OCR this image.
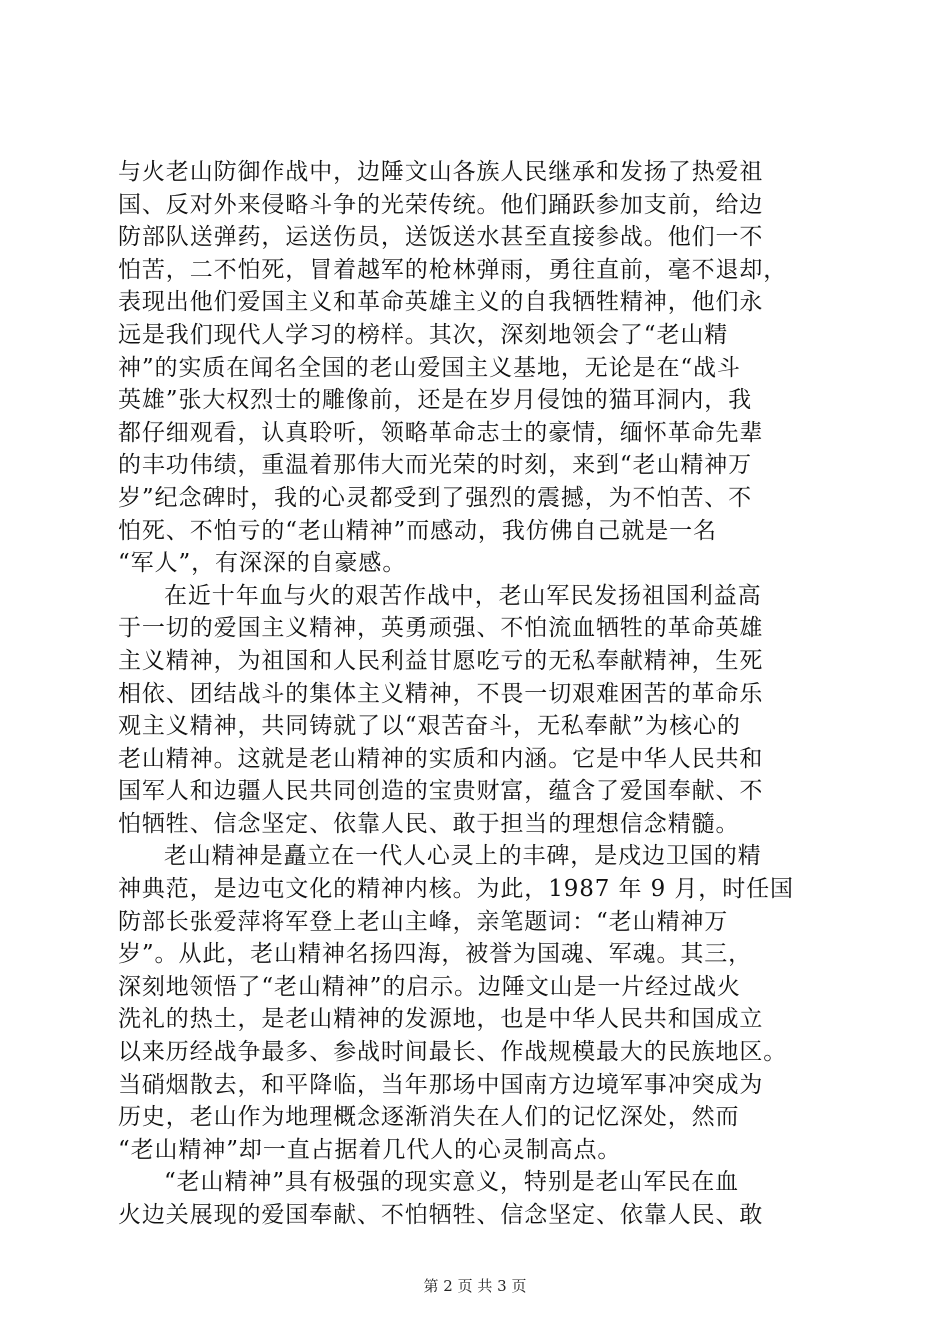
与火老山防御作战中，边陲文山各族人民继承和发扬了热爱祖
国、反对外来侵略斗争的光荣传统。他们踊跃参加支前，给边
防部队送弹药，运送伤员，送饭送水甚至直接参战。他们一不
怕苦，二不怕死，冒着越军的枪林弹雨，勇往直前，毫不退却，
表现出他们爱国主义和革命英雄主义的自我牺牲精神，他们永
远是我们现代人学习的榜样。其次，深刻地领会了“老山精
神”的实质在闻名全国的老山爱国主义基地，无论是在“战斗
英雄”张大权烈士的雕像前，还是在岁月侵蚀的猫耳洞内，我
都仔细观看，认真聆听，领略革命志士的豪情，缅怀革命先辈
的丰功伟绩，重温着那伟大而光荣的时刻，来到“老山精神万
岁”纪念碑时，我的心灵都受到了强烈的震撼，为不怕苦、不
怕死、不怕亏的“老山精神”而感动，我仿佛自己就是一名
“军人”，有深深的自豪感。
在近十年血与火的艰苦作战中，老山军民发扬祖国利益高
于一切的爱国主义精神，英勇顽强、不怕流血牺牲的革命英雄
主义精神，为祖国和人民利益甘愿吃亏的无私奉献精神，生死
相依、团结战斗的集体主义精神，不畏一切艰难困苦的革命乐
观主义精神，共同铸就了以“艰苦奋斗，无私奉献”为核心的
老山精神。这就是老山精神的实质和内涵。它是中华人民共和
国军人和边疆人民共同创造的宝贵财富，蕴含了爱国奉献、不
怕牺牲、信念坚定、依靠人民、敢于担当的理想信念精髓。
老山精神是矗立在一代人心灵上的丰碑，是戍边卫国的精
神典范，是边屯文化的精神内核。为此，1987 年 9 月，时任国
防部长张爱萍将军登上老山主峰，亲笔题词：“老山精神万
岁”。从此，老山精神名扬四海，被誉为国魂、军魂。其三，
深刻地领悟了“老山精神”的启示。边陲文山是一片经过战火
洗礼的热土，是老山精神的发源地，也是中华人民共和国成立
以来历经战争最多、参战时间最长、作战规模最大的民族地区。
当硝烟散去，和平降临，当年那场中国南方边境军事冲突成为
历史，老山作为地理概念逐渐消失在人们的记忆深处，然而
“老山精神”却一直占据着几代人的心灵制高点。
“老山精神”具有极强的现实意义，特别是老山军民在血
火边关展现的爱国奉献、不怕牺牲、信念坚定、依靠人民、敢
第 2 页 共 3 页
